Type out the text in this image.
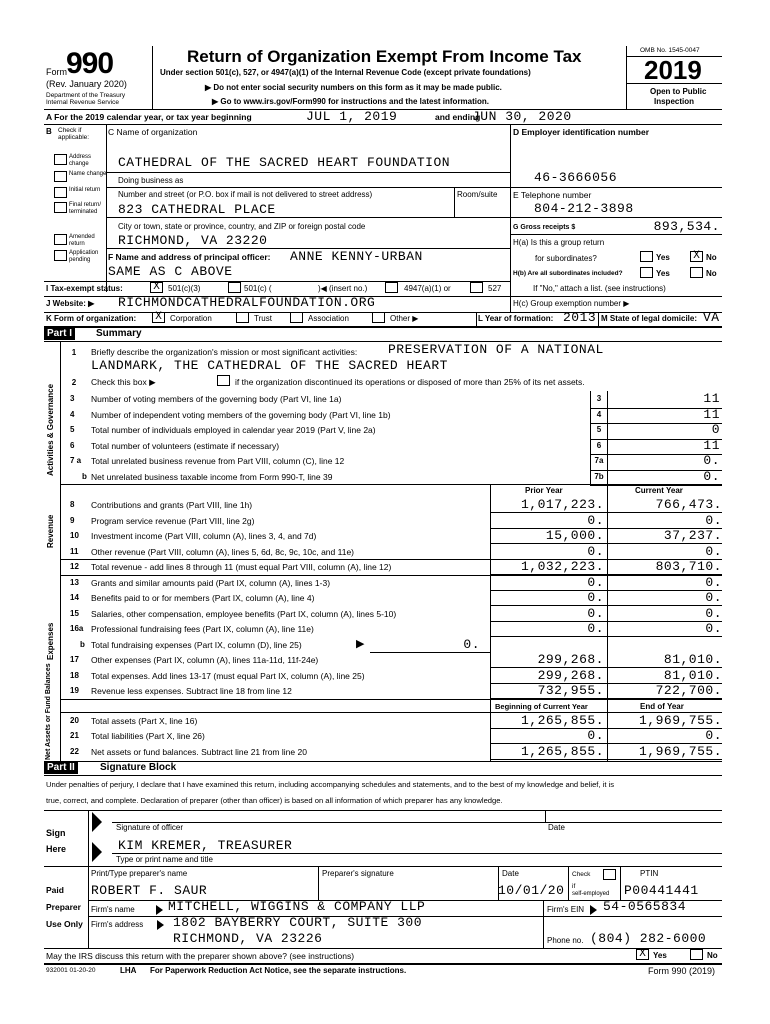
Form 990
(Rev. January 2020)
Department of the Treasury
Internal Revenue Service
Return of Organization Exempt From Income Tax
Under section 501(c), 527, or 4947(a)(1) of the Internal Revenue Code (except private foundations)
▶ Do not enter social security numbers on this form as it may be made public.
▶ Go to www.irs.gov/Form990 for instructions and the latest information.
OMB No. 1545-0047
2019
Open to Public
Inspection
A For the 2019 calendar year, or tax year beginning	JUL 1, 2019	and ending
JUN 30, 2020
B Check if applicable:
Address change
Name change
Initial return
Final return/ terminated
Amended return
Application pending
C Name of organization
CATHEDRAL OF THE SACRED HEART FOUNDATION
Doing business as
Number and street (or P.O. box if mail is not delivered to street address)	Room/suite
823 CATHEDRAL PLACE
City or town, state or province, country, and ZIP or foreign postal code
RICHMOND, VA 23220
F Name and address of principal officer: ANNE KENNY-URBAN
SAME AS C ABOVE
D Employer identification number
46-3666056
E Telephone number
804-212-3898
G Gross receipts $	893,534.
H(a) Is this a group return
for subordinates?	Yes X No
H(b) Are all subordinates included?	Yes	No
If "No," attach a list. (see instructions)
H(c) Group exemption number ▶
I Tax-exempt status:	X	501(c)(3)	501(c) (	)◀ (insert no.)	4947(a)(1) or	527
J Website: ▶ RICHMONDCATHEDRALFOUNDATION.ORG
K Form of organization: X	Corporation	Trust	Association	Other ▶	L Year of formation: 2013 M State of legal domicile: VA
Part I	Summary
Activities & Governance
Revenue
Expenses
Net Assets or Fund Balances
1	Briefly describe the organization's mission or most significant activities: PRESERVATION OF A NATIONAL
LANDMARK, THE CATHEDRAL OF THE SACRED HEART
2	Check this box ▶	if the organization discontinued its operations or disposed of more than 25% of its net assets.
3 Number of voting members of the governing body (Part VI, line 1a)	3	11
4 Number of independent voting members of the governing body (Part VI, line 1b)	4	11
5 Total number of individuals employed in calendar year 2019 (Part V, line 2a)	5	0
6 Total number of volunteers (estimate if necessary)	6	11
7 a Total unrelated business revenue from Part VIII, column (C), line 12	7a	0.
b Net unrelated business taxable income from Form 990-T, line 39	7b	0.
Prior Year	Current Year
8 Contributions and grants (Part VIII, line 1h)	1,017,223.	766,473.
9 Program service revenue (Part VIII, line 2g)	0.	0.
10 Investment income (Part VIII, column (A), lines 3, 4, and 7d)	15,000.	37,237.
11 Other revenue (Part VIII, column (A), lines 5, 6d, 8c, 9c, 10c, and 11e)	0.	0.
12 Total revenue - add lines 8 through 11 (must equal Part VIII, column (A), line 12)	1,032,223.	803,710.
13 Grants and similar amounts paid (Part IX, column (A), lines 1-3)	0.	0.
14 Benefits paid to or for members (Part IX, column (A), line 4)	0.	0.
15 Salaries, other compensation, employee benefits (Part IX, column (A), lines 5-10)	0.	0.
16a Professional fundraising fees (Part IX, column (A), line 11e)	0.	0.
b Total fundraising expenses (Part IX, column (D), line 25)	▶	0.
17 Other expenses (Part IX, column (A), lines 11a-11d, 11f-24e)	299,268.	81,010.
18 Total expenses. Add lines 13-17 (must equal Part IX, column (A), line 25)	299,268.	81,010.
19 Revenue less expenses. Subtract line 18 from line 12	732,955.	722,700.
Beginning of Current Year	End of Year
20 Total assets (Part X, line 16)	1,265,855.	1,969,755.
21 Total liabilities (Part X, line 26)	0.	0.
22 Net assets or fund balances. Subtract line 21 from line 20	1,265,855.	1,969,755.
Part II	Signature Block
Under penalties of perjury, I declare that I have examined this return, including accompanying schedules and statements, and to the best of my knowledge and belief, it is
true, correct, and complete. Declaration of preparer (other than officer) is based on all information of which preparer has any knowledge.
Sign
Here
Signature of officer	Date
KIM KREMER, TREASURER
Type or print name and title
Paid
Preparer
Use Only
Print/Type preparer's name	Preparer's signature	Date	Check
if
self-employed
PTIN
ROBERT F. SAUR	10/01/20	P00441441
Firm's name	MITCHELL, WIGGINS & COMPANY LLP	Firm's EIN 54-0565834
Firm's address 1802 BAYBERRY COURT, SUITE 300
RICHMOND, VA 23226	Phone no. (804) 282-6000
May the IRS discuss this return with the preparer shown above? (see instructions)	X Yes	No
932001 01-20-20	LHA For Paperwork Reduction Act Notice, see the separate instructions.	Form 990 (2019)
